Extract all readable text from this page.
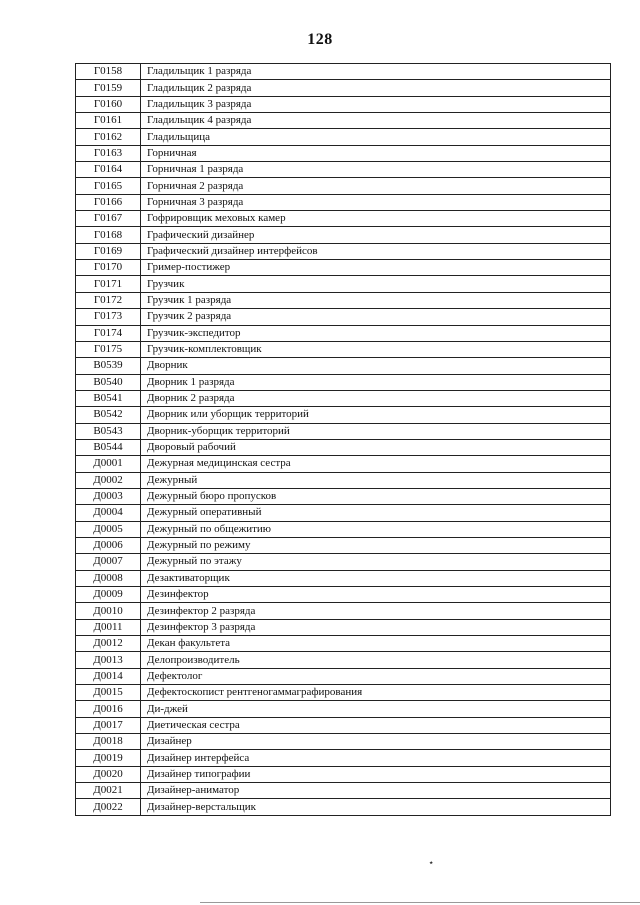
128
Г0158	Гладильщик 1 разряда
Г0159	Гладильщик 2 разряда
Г0160	Гладильщик 3 разряда
Г0161	Гладильщик 4 разряда
Г0162	Гладильщица
Г0163	Горничная
Г0164	Горничная 1 разряда
Г0165	Горничная 2 разряда
Г0166	Горничная 3 разряда
Г0167	Гофрировщик меховых камер
Г0168	Графический дизайнер
Г0169	Графический дизайнер интерфейсов
Г0170	Гример-постижер
Г0171	Грузчик
Г0172	Грузчик 1 разряда
Г0173	Грузчик 2 разряда
Г0174	Грузчик-экспедитор
Г0175	Грузчик-комплектовщик
В0539	Дворник
В0540	Дворник 1 разряда
В0541	Дворник 2 разряда
В0542	Дворник или уборщик территорий
В0543	Дворник-уборщик территорий
В0544	Дворовый рабочий
Д0001	Дежурная медицинская сестра
Д0002	Дежурный
Д0003	Дежурный бюро пропусков
Д0004	Дежурный оперативный
Д0005	Дежурный по общежитию
Д0006	Дежурный по режиму
Д0007	Дежурный по этажу
Д0008	Дезактиваторщик
Д0009	Дезинфектор
Д0010	Дезинфектор 2 разряда
Д0011	Дезинфектор 3 разряда
Д0012	Декан факультета
Д0013	Делопроизводитель
Д0014	Дефектолог
Д0015	Дефектоскопист рентгеногаммаграфирования
Д0016	Ди-джей
Д0017	Диетическая сестра
Д0018	Дизайнер
Д0019	Дизайнер интерфейса
Д0020	Дизайнер типографии
Д0021	Дизайнер-аниматор
Д0022	Дизайнер-верстальщик
٭
